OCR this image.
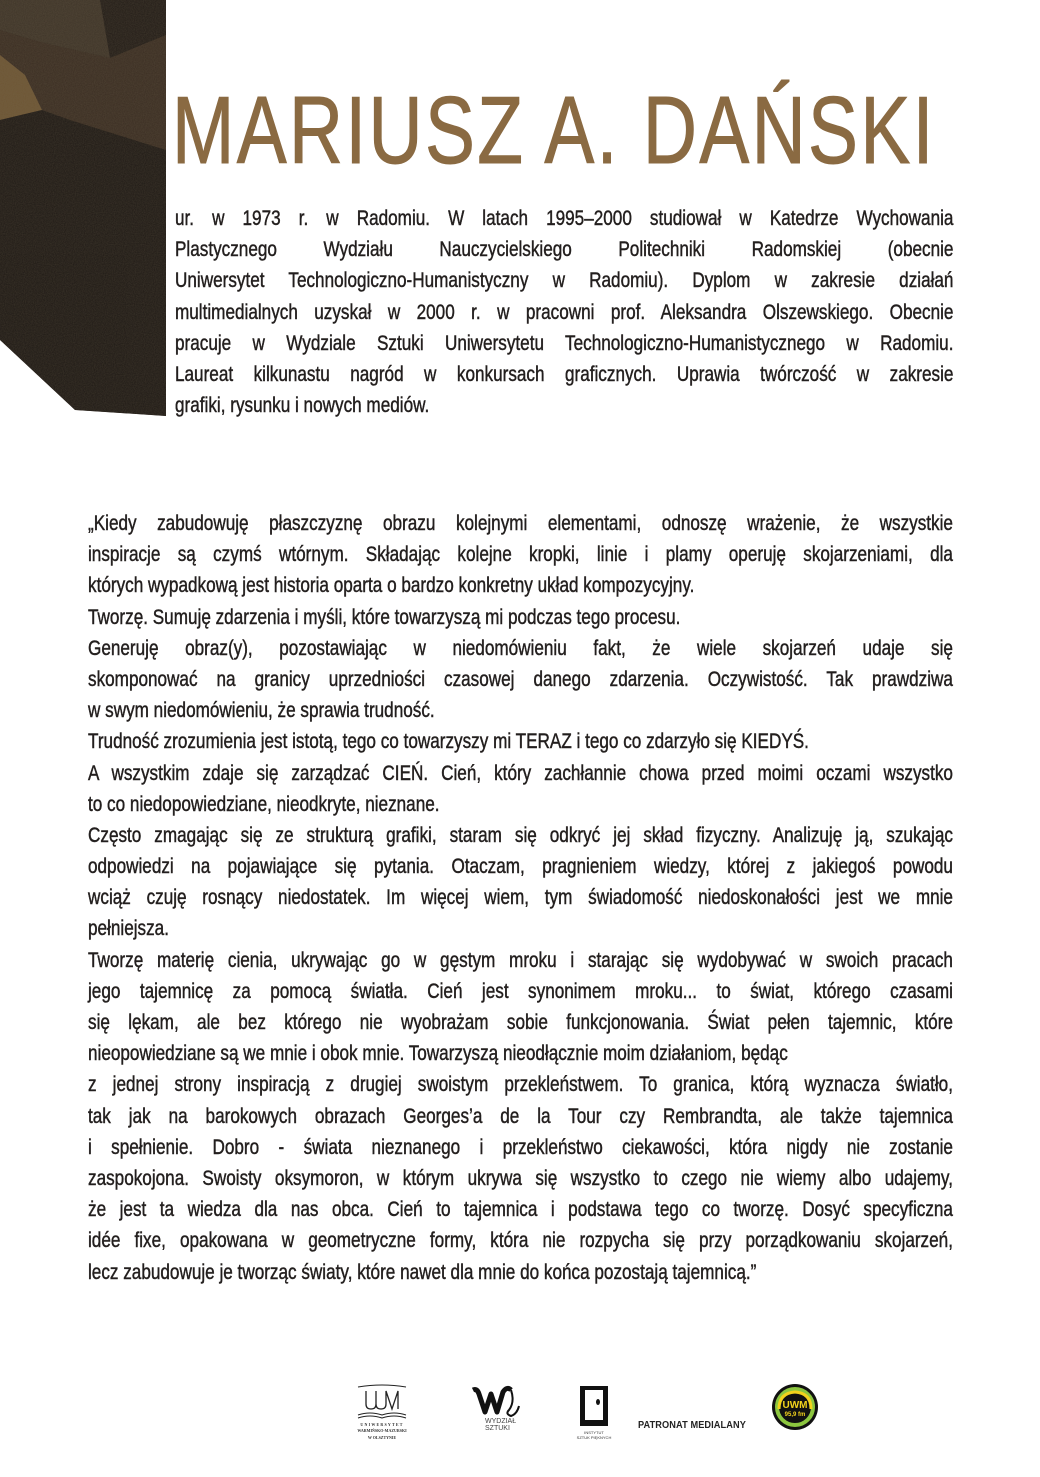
MARIUSZ A. DAŃSKI
ur. w 1973 r. w Radomiu. W latach 1995–2000 studiował w Katedrze Wychowania
Plastycznego Wydziału Nauczycielskiego Politechniki Radomskiej (obecnie
Uniwersytet Technologiczno-Humanistyczny w Radomiu). Dyplom w zakresie działań
multimedialnych uzyskał w 2000 r. w pracowni prof. Aleksandra Olszewskiego. Obecnie
pracuje w Wydziale Sztuki Uniwersytetu Technologiczno-Humanistycznego w Radomiu.
Laureat kilkunastu nagród w konkursach graficznych. Uprawia twórczość w zakresie
grafiki, rysunku i nowych mediów.
„Kiedy zabudowuję płaszczyznę obrazu kolejnymi elementami, odnoszę wrażenie, że wszystkie
inspiracje są czymś wtórnym. Składając kolejne kropki, linie i plamy operuję skojarzeniami, dla
których wypadkową jest historia oparta o bardzo konkretny układ kompozycyjny.
Tworzę. Sumuję zdarzenia i myśli, które towarzyszą mi podczas tego procesu.
Generuję obraz(y), pozostawiając w niedomówieniu fakt, że wiele skojarzeń udaje się
skomponować na granicy uprzedniości czasowej danego zdarzenia. Oczywistość. Tak prawdziwa
w swym niedomówieniu, że sprawia trudność.
Trudność zrozumienia jest istotą, tego co towarzyszy mi TERAZ i tego co zdarzyło się KIEDYŚ.
A wszystkim zdaje się zarządzać CIEŃ. Cień, który zachłannie chowa przed moimi oczami wszystko
to co niedopowiedziane, nieodkryte, nieznane.
Często zmagając się ze strukturą grafiki, staram się odkryć jej skład fizyczny. Analizuję ją, szukając
odpowiedzi na pojawiające się pytania. Otaczam, pragnieniem wiedzy, której z jakiegoś powodu
wciąż czuję rosnący niedostatek. Im więcej wiem, tym świadomość niedoskonałości jest we mnie
pełniejsza.
Tworzę materię cienia, ukrywając go w gęstym mroku i starając się wydobywać w swoich pracach
jego tajemnicę za pomocą światła. Cień jest synonimem mroku... to świat, którego czasami
się lękam, ale bez którego nie wyobrażam sobie funkcjonowania. Świat pełen tajemnic, które
nieopowiedziane są we mnie i obok mnie. Towarzyszą nieodłącznie moim działaniom, będąc
z jednej strony inspiracją z drugiej swoistym przekleństwem. To granica, którą wyznacza światło,
tak jak na barokowych obrazach Georges’a de la Tour czy Rembrandta, ale także tajemnica
i spełnienie. Dobro - świata nieznanego i przekleństwo ciekawości, która nigdy nie zostanie
zaspokojona. Swoisty oksymoron, w którym ukrywa się wszystko to czego nie wiemy albo udajemy,
że jest ta wiedza dla nas obca. Cień to tajemnica i podstawa tego co tworzę. Dosyć specyficzna
idée fixe, opakowana w geometryczne formy, która nie rozpycha się przy porządkowaniu skojarzeń,
lecz zabudowuje je tworząc światy, które nawet dla mnie do końca pozostają tajemnicą.”
UNIWERSYTET
WARMIŃSKO-MAZURSKI
W OLSZTYNIE
WYDZIAŁ
SZTUKI
INSTYTUT
SZTUK PIĘKNYCH
PATRONAT MEDIALANY
UWM
95,9 fm
